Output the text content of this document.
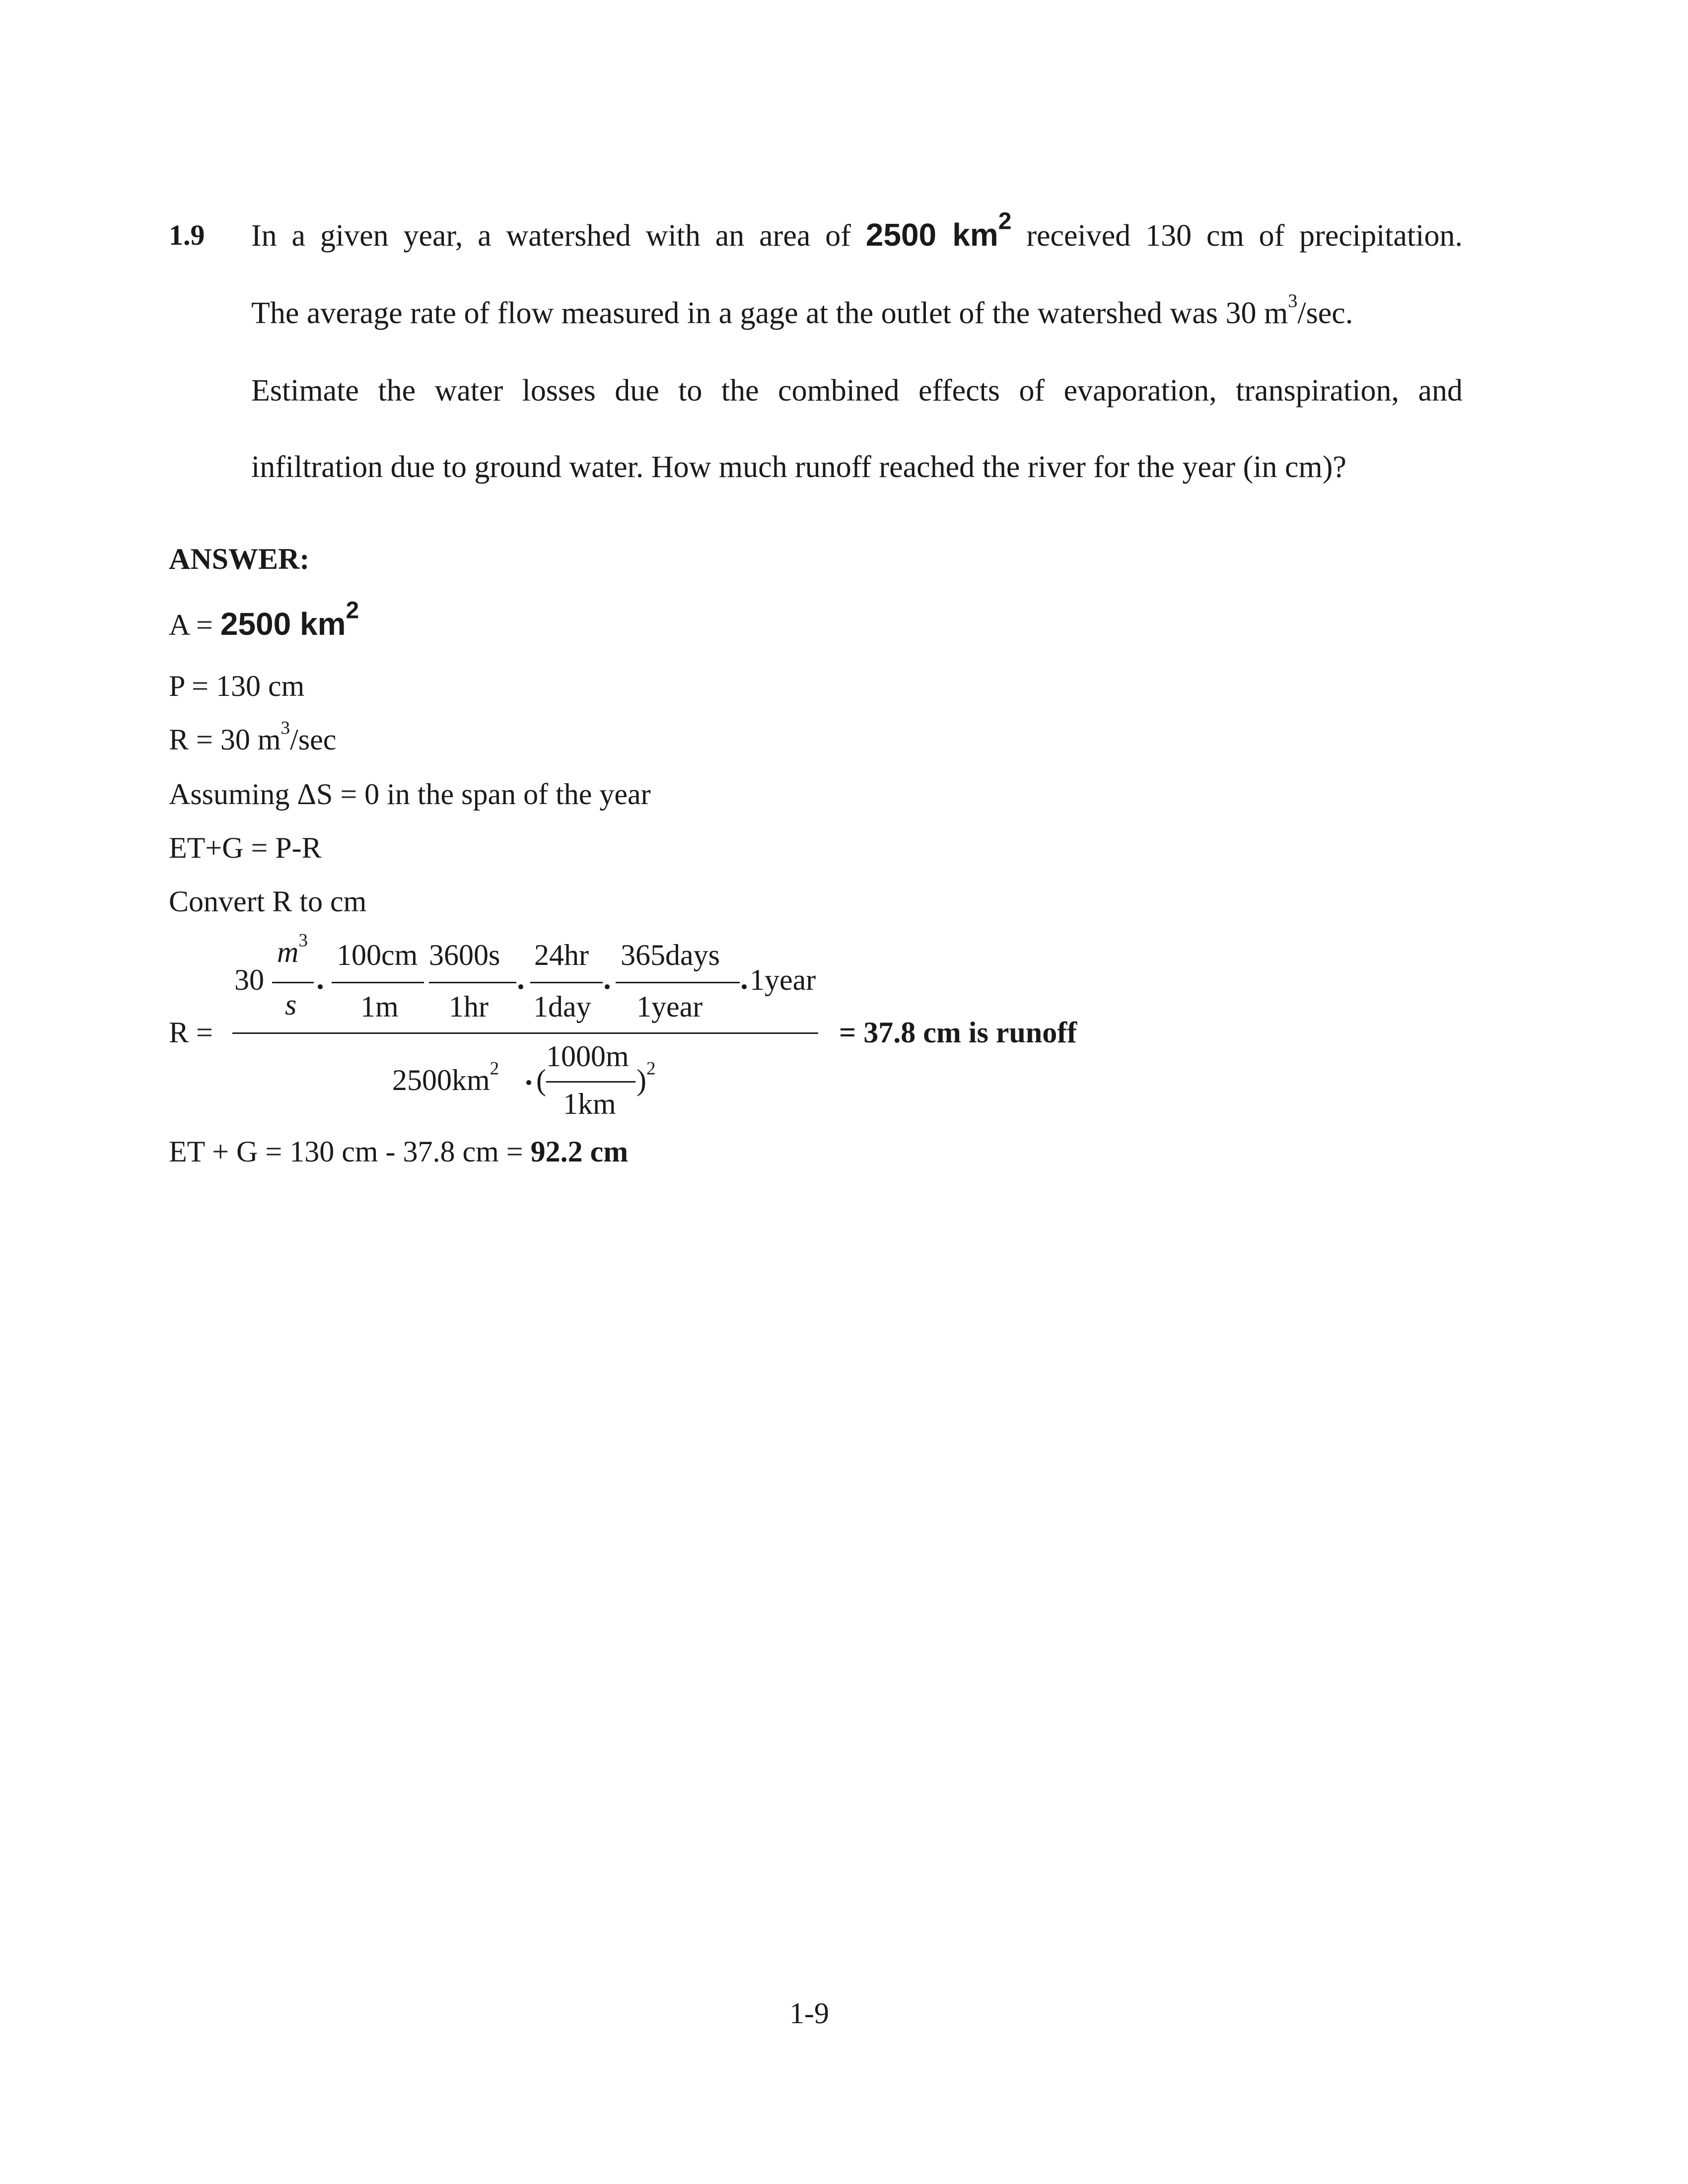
1.9 In a given year, a watershed with an area of 2500 $km^2$ received 130 cm of precipitation.
The average rate of flow measured in a gage at the outlet of the watershed was 30 $m^3/\sec$.
Estimate the water losses due to the combined effects of evaporation, transpiration, and
infiltration due to ground water. How much runoff reached the river for the year (in cm)?
ANSWER:
A = 2500 $km^2$
P = 130 cm
R = 30 $m^3/\sec$
Assuming ΔS = 0 in the span of the year
ET+G = P-R
Convert R to cm
R =
30
$m^3$
s
100cm
1m
3600s
1hr
24hr
1day
365days
1year
1year
$2500km^2$ (
1000m
1km
)$^2$
= 37.8 cm is runoff
ET + G = 130 cm - 37.8 cm = 92.2 cm
1-9
